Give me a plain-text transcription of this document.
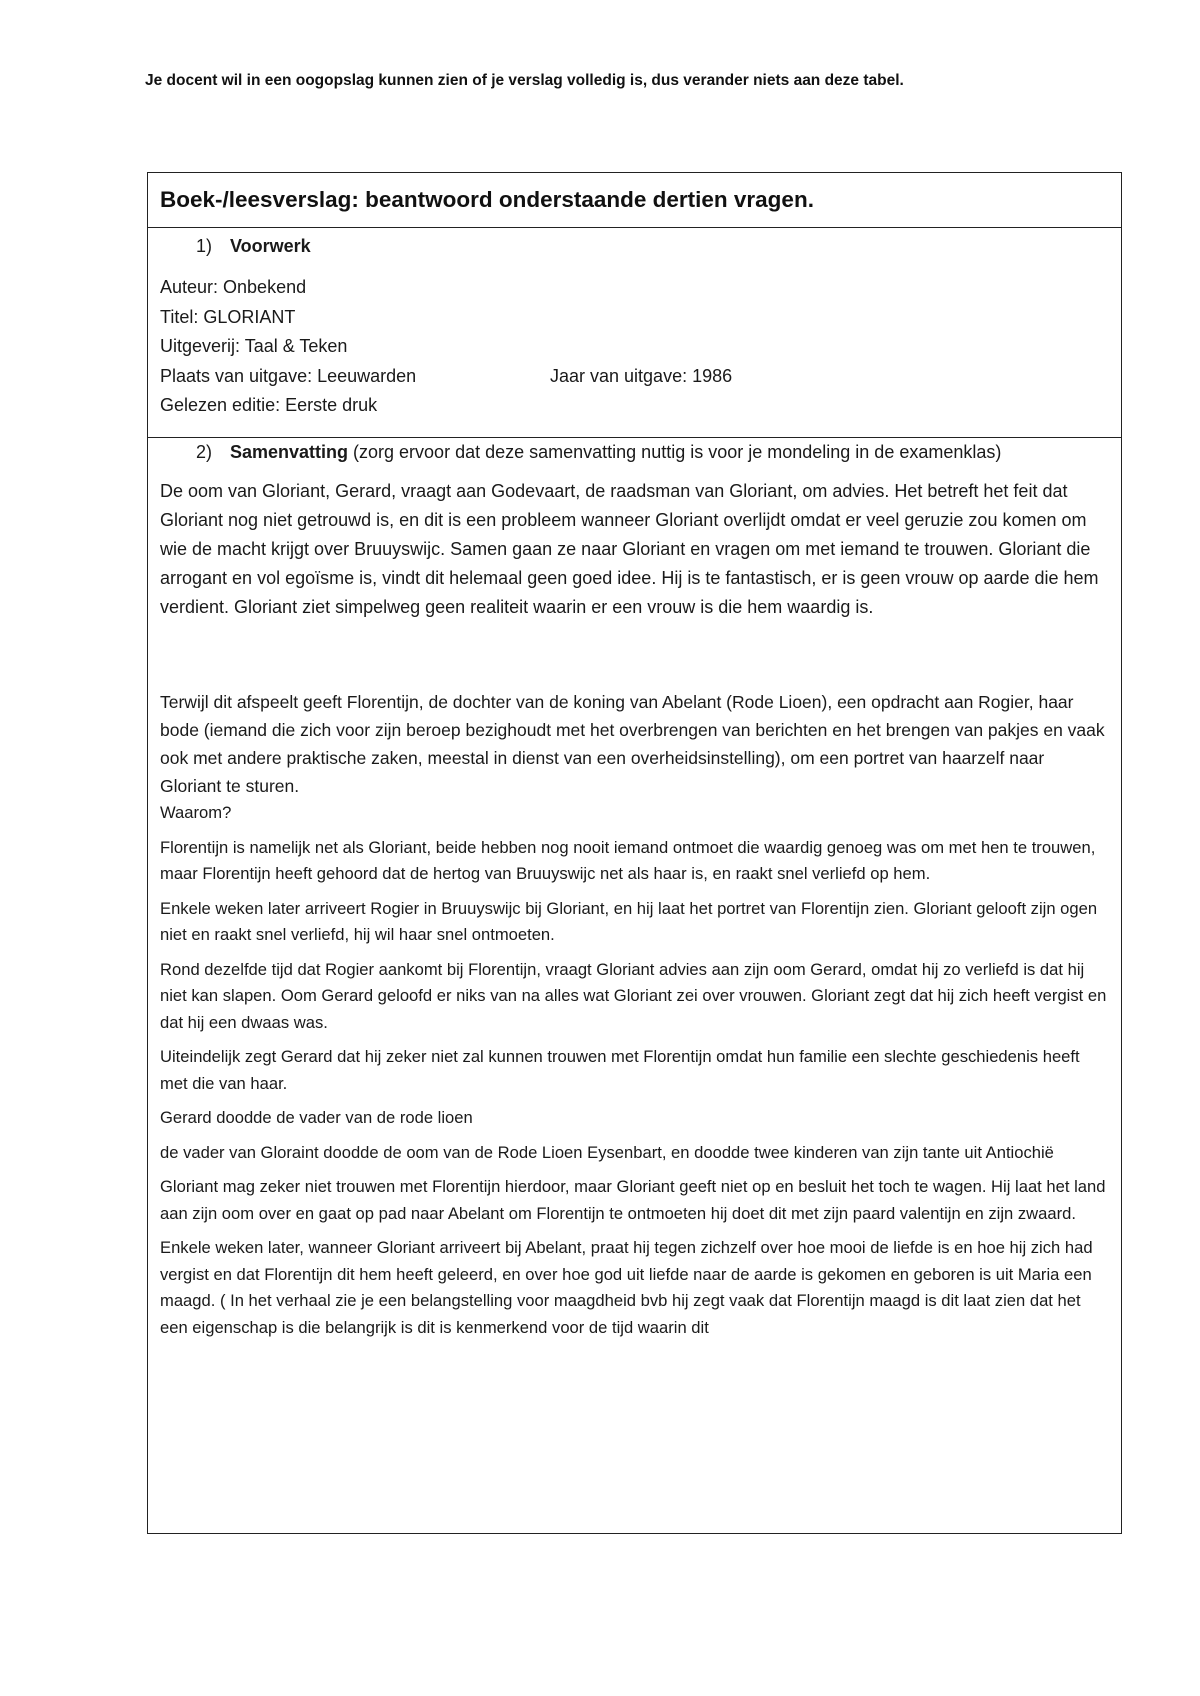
Je docent wil in een oogopslag kunnen zien of je verslag volledig is, dus verander niets aan deze tabel.
Boek-/leesverslag: beantwoord onderstaande dertien vragen.

1) Voorwerk

Auteur: Onbekend
Titel: GLORIANT
Uitgeverij: Taal & Teken
Plaats van uitgave: Leeuwarden	Jaar van uitgave: 1986
Gelezen editie: Eerste druk

2) Samenvatting (zorg ervoor dat deze samenvatting nuttig is voor je mondeling in de examenklas)

De oom van Gloriant, Gerard, vraagt aan Godevaart, de raadsman van Gloriant, om advies. Het betreft het feit dat Gloriant nog niet getrouwd is, en dit is een probleem wanneer Gloriant overlijdt omdat er veel geruzie zou komen om wie de macht krijgt over Bruuyswijc. Samen gaan ze naar Gloriant en vragen om met iemand te trouwen. Gloriant die arrogant en vol egoïsme is, vindt dit helemaal geen goed idee. Hij is te fantastisch, er is geen vrouw op aarde die hem verdient. Gloriant ziet simpelweg geen realiteit waarin er een vrouw is die hem waardig is.

Terwijl dit afspeelt geeft Florentijn, de dochter van de koning van Abelant (Rode Lioen), een opdracht aan Rogier, haar bode (iemand die zich voor zijn beroep bezighoudt met het overbrengen van berichten en het brengen van pakjes en vaak ook met andere praktische zaken, meestal in dienst van een overheidsinstelling), om een portret van haarzelf naar Gloriant te sturen.

Waarom?

Florentijn is namelijk net als Gloriant, beide hebben nog nooit iemand ontmoet die waardig genoeg was om met hen te trouwen, maar Florentijn heeft gehoord dat de hertog van Bruuyswijc net als haar is, en raakt snel verliefd op hem.

Enkele weken later arriveert Rogier in Bruuyswijc bij Gloriant, en hij laat het portret van Florentijn zien. Gloriant gelooft zijn ogen niet en raakt snel verliefd, hij wil haar snel ontmoeten.

Rond dezelfde tijd dat Rogier aankomt bij Florentijn, vraagt Gloriant advies aan zijn oom Gerard, omdat hij zo verliefd is dat hij niet kan slapen. Oom Gerard geloofd er niks van na alles wat Gloriant zei over vrouwen. Gloriant zegt dat hij zich heeft vergist en dat hij een dwaas was.

Uiteindelijk zegt Gerard dat hij zeker niet zal kunnen trouwen met Florentijn omdat hun familie een slechte geschiedenis heeft met die van haar.

Gerard doodde de vader van de rode lioen

de vader van Gloraint doodde de oom van de Rode Lioen Eysenbart, en doodde twee kinderen van zijn tante uit Antiochië

Gloriant mag zeker niet trouwen met Florentijn hierdoor, maar Gloriant geeft niet op en besluit het toch te wagen. Hij laat het land aan zijn oom over en gaat op pad naar Abelant om Florentijn te ontmoeten hij doet dit met zijn paard valentijn en zijn zwaard.

Enkele weken later, wanneer Gloriant arriveert bij Abelant, praat hij tegen zichzelf over hoe mooi de liefde is en hoe hij zich had vergist en dat Florentijn dit hem heeft geleerd, en over hoe god uit liefde naar de aarde is gekomen en geboren is uit Maria een maagd. ( In het verhaal zie je een belangstelling voor maagdheid bvb hij zegt vaak dat Florentijn maagd is dit laat zien dat het een eigenschap is die belangrijk is dit is kenmerkend voor de tijd waarin dit
